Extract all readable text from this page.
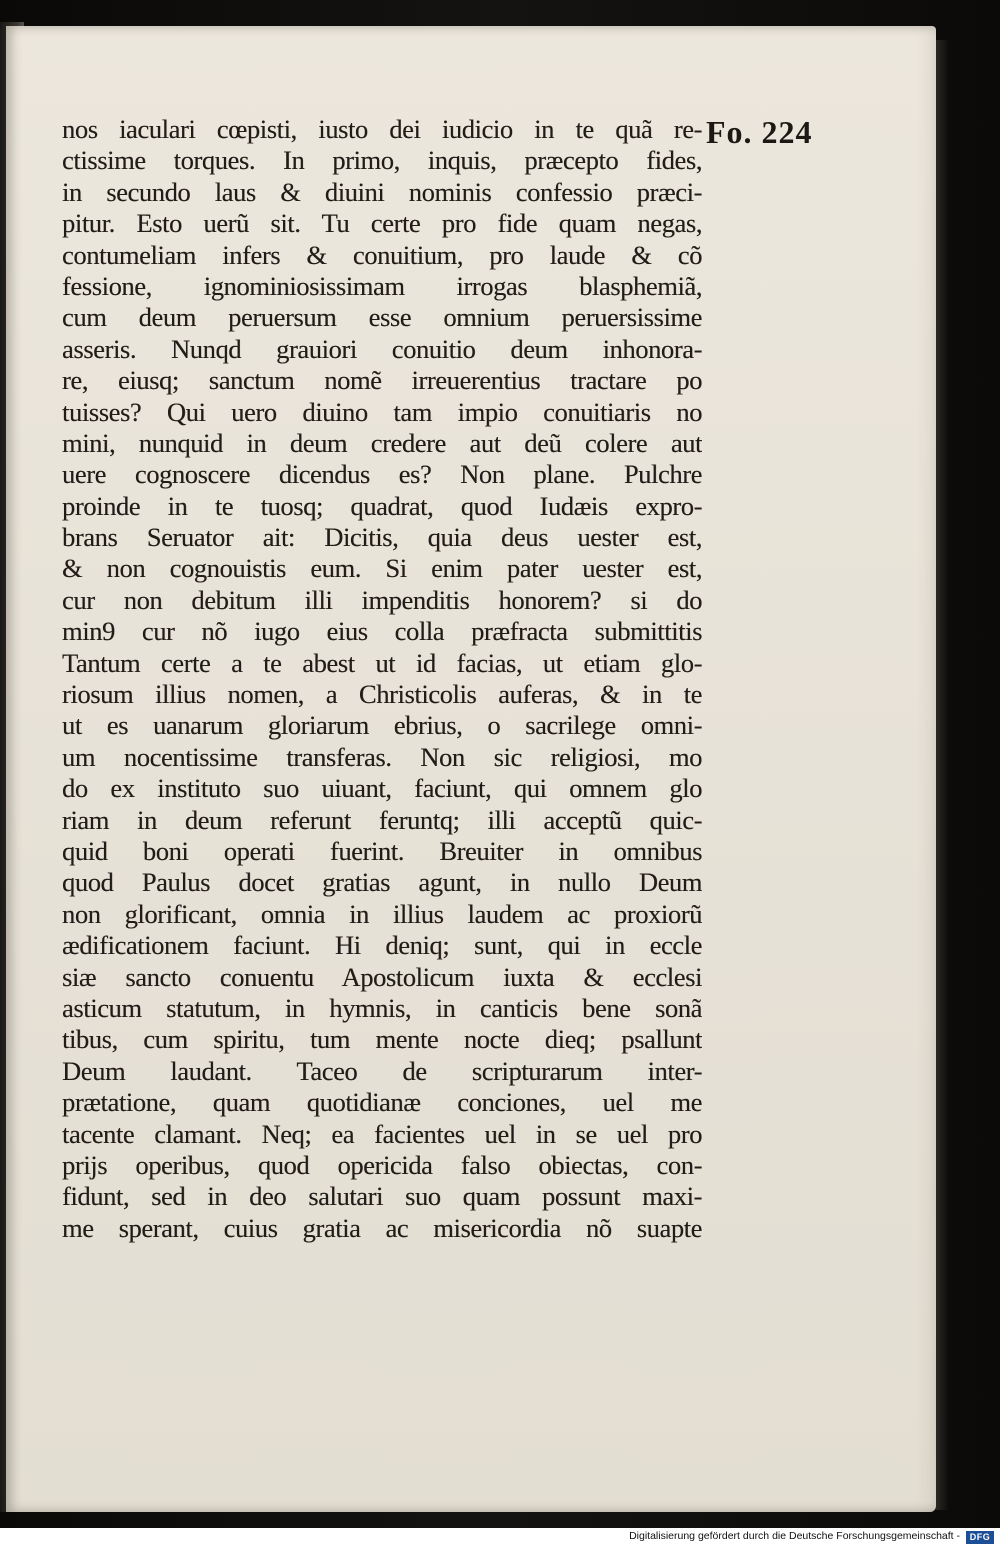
Fo. 224
nos iaculari cœpisti, iusto dei iudicio in te quã re-
ctissime torques. In primo, inquis, præcepto fides,
in secundo laus & diuini nominis confessio præci-
pitur. Esto uerũ sit. Tu certe pro fide quam negas,
contumeliam infers & conuitium, pro laude & cõ
fessione, ignominiosissimam irrogas blasphemiã,
cum deum peruersum esse omnium peruersissime
asseris. Nunqd grauiori conuitio deum inhonora-
re, eiusq; sanctum nomẽ irreuerentius tractare po
tuisses? Qui uero diuino tam impio conuitiaris no
mini, nunquid in deum credere aut deũ colere aut
uere cognoscere dicendus es? Non plane. Pulchre
proinde in te tuosq; quadrat, quod Iudæis expro-
brans Seruator ait: Dicitis, quia deus uester est,
& non cognouistis eum. Si enim pater uester est,
cur non debitum illi impenditis honorem? si do
min9 cur nõ iugo eius colla præfracta submittitis
Tantum certe a te abest ut id facias, ut etiam glo-
riosum illius nomen, a Christicolis auferas, & in te
ut es uanarum gloriarum ebrius, o sacrilege omni-
um nocentissime transferas. Non sic religiosi, mo
do ex instituto suo uiuant, faciunt, qui omnem glo
riam in deum referunt feruntq; illi acceptũ quic-
quid boni operati fuerint. Breuiter in omnibus
quod Paulus docet gratias agunt, in nullo Deum
non glorificant, omnia in illius laudem ac proxiorũ
ædificationem faciunt. Hi deniq; sunt, qui in eccle
siæ sancto conuentu Apostolicum iuxta & ecclesi
asticum statutum, in hymnis, in canticis bene sonã
tibus, cum spiritu, tum mente nocte dieq; psallunt
Deum laudant. Taceo de scripturarum inter-
prætatione, quam quotidianæ conciones, uel me
tacente clamant. Neq; ea facientes uel in se uel pro
prijs operibus, quod opericida falso obiectas, con-
fidunt, sed in deo salutari suo quam possunt maxi-
me sperant, cuius gratia ac misericordia nõ suapte
Digitalisierung gefördert durch die Deutsche Forschungsgemeinschaft -	DFG
